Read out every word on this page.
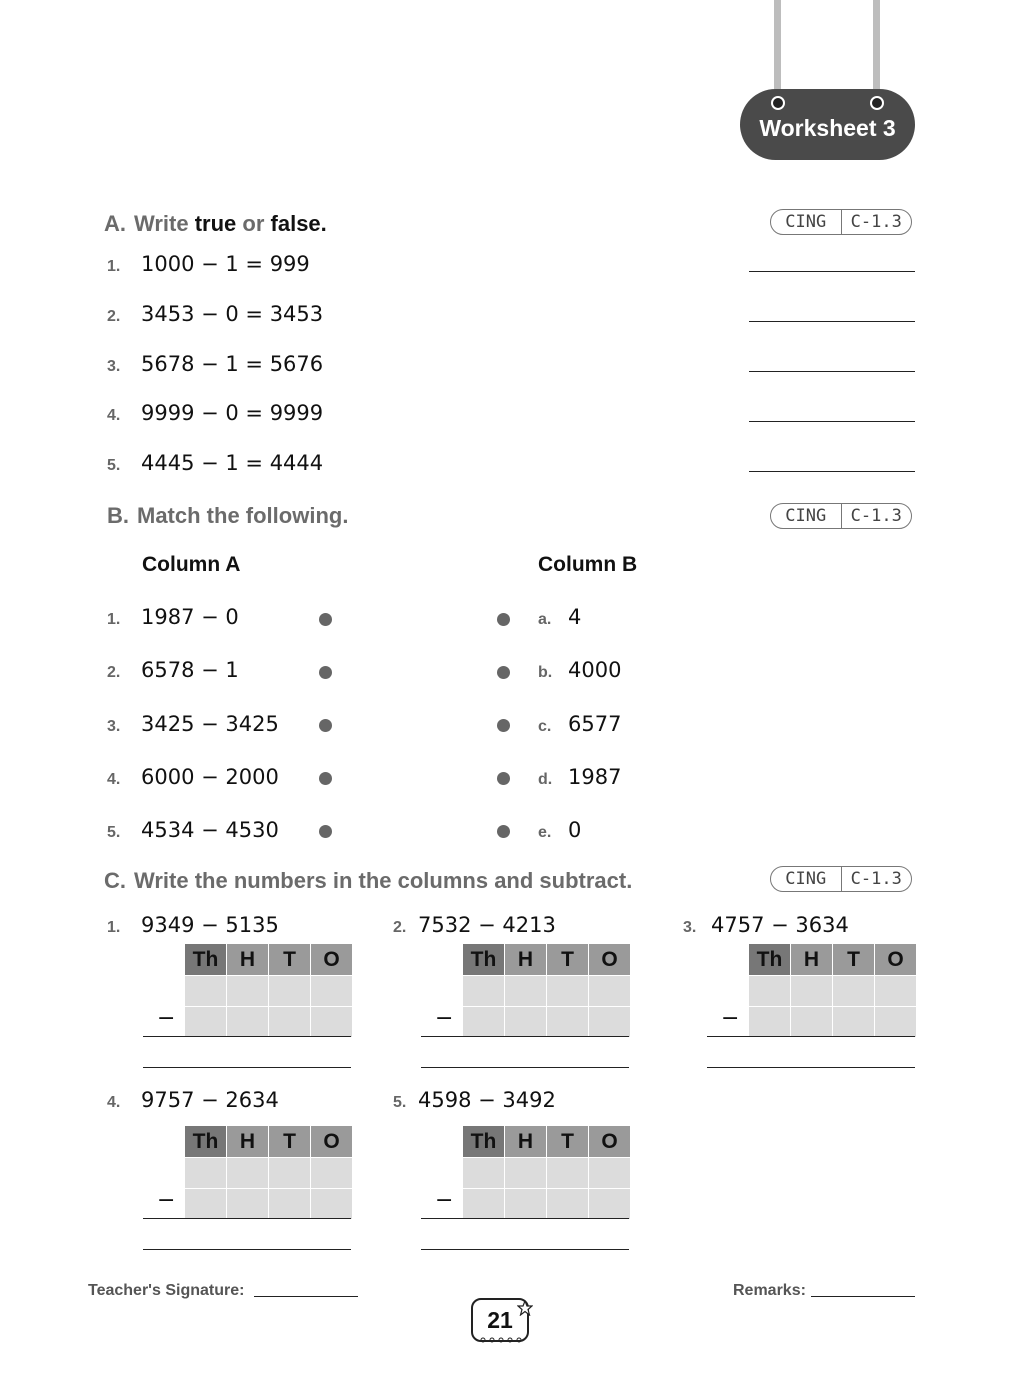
Worksheet 3
A. Write true or false.	CING	C-1.3
1. 1000 − 1 = 999
2. 3453 − 0 = 3453
3. 5678 − 1 = 5676
4. 9999 − 0 = 9999
5. 4445 − 1 = 4444
B. Match the following.	CING	C-1.3
Column A	Column B
1. 1987 − 0	a. 4
2. 6578 − 1	b. 4000
3. 3425 − 3425	c. 6577
4. 6000 − 2000	d. 1987
5. 4534 − 4530	e. 0
C. Write the numbers in the columns and subtract.	CING	C-1.3
1. 9349 − 5135
Th	H	T	O

−
2. 7532 − 4213
Th	H	T	O

−
3. 4757 − 3634
Th	H	T	O

−
4. 9757 − 2634
Th	H	T	O

−
5. 4598 − 3492
Th	H	T	O

−
Teacher's Signature:	Remarks:
21
